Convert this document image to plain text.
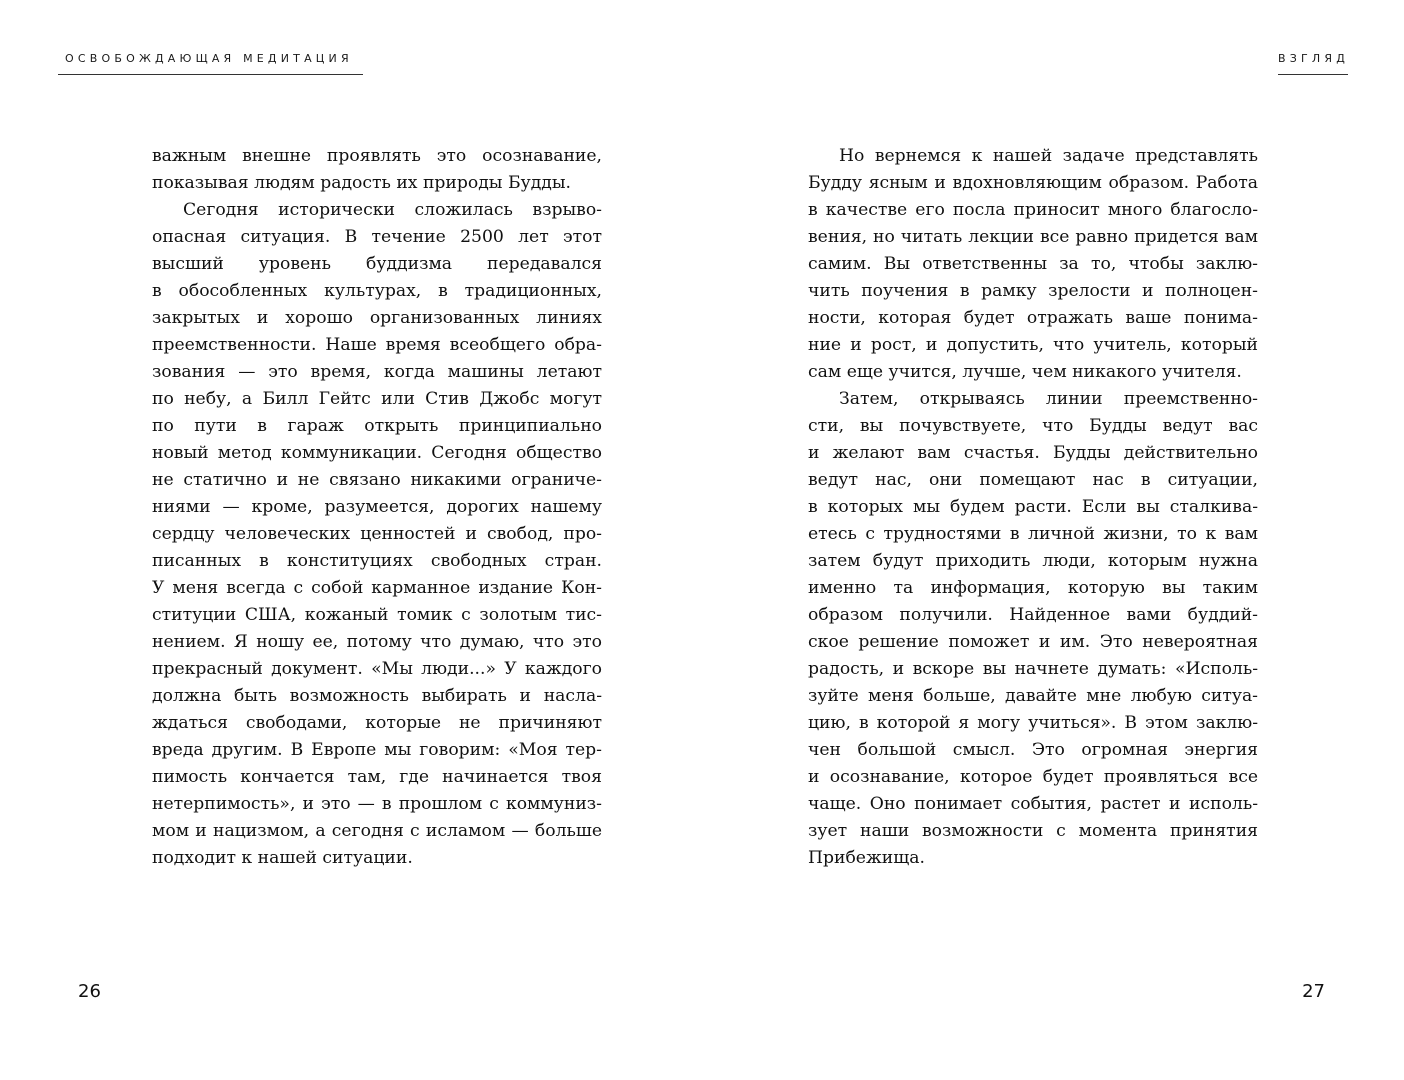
ОСВОБОЖДАЮЩАЯ МЕДИТАЦИЯ
важным внешне проявлять это осознавание,
показывая людям радость их природы Будды.
Сегодня исторически сложилась взрыво-
опасная ситуация. В течение 2500 лет этот
высший уровень буддизма передавался
в обособленных культурах, в традиционных,
закрытых и хорошо организованных линиях
преемственности. Наше время всеобщего обра-
зования — это время, когда машины летают
по небу, а Билл Гейтс или Стив Джобс могут
по пути в гараж открыть принципиально
новый метод коммуникации. Сегодня общество
не статично и не связано никакими ограниче-
ниями — кроме, разумеется, дорогих нашему
сердцу человеческих ценностей и свобод, про-
писанных в конституциях свободных стран.
У меня всегда с собой карманное издание Кон-
ституции США, кожаный томик с золотым тис-
нением. Я ношу ее, потому что думаю, что это
прекрасный документ. «Мы люди...» У каждого
должна быть возможность выбирать и насла-
ждаться свободами, которые не причиняют
вреда другим. В Европе мы говорим: «Моя тер-
пимость кончается там, где начинается твоя
нетерпимость», и это — в прошлом с коммуниз-
мом и нацизмом, а сегодня с исламом — больше
подходит к нашей ситуации.
26
ВЗГЛЯД
Но вернемся к нашей задаче представлять
Будду ясным и вдохновляющим образом. Работа
в качестве его посла приносит много благосло-
вения, но читать лекции все равно придется вам
самим. Вы ответственны за то, чтобы заклю-
чить поучения в рамку зрелости и полноцен-
ности, которая будет отражать ваше понима-
ние и рост, и допустить, что учитель, который
сам еще учится, лучше, чем никакого учителя.
Затем, открываясь линии преемственно-
сти, вы почувствуете, что Будды ведут вас
и желают вам счастья. Будды действительно
ведут нас, они помещают нас в ситуации,
в которых мы будем расти. Если вы сталкива-
етесь с трудностями в личной жизни, то к вам
затем будут приходить люди, которым нужна
именно та информация, которую вы таким
образом получили. Найденное вами буддий-
ское решение поможет и им. Это невероятная
радость, и вскоре вы начнете думать: «Исполь-
зуйте меня больше, давайте мне любую ситуа-
цию, в которой я могу учиться». В этом заклю-
чен большой смысл. Это огромная энергия
и осознавание, которое будет проявляться все
чаще. Оно понимает события, растет и исполь-
зует наши возможности с момента принятия
Прибежища.
27
